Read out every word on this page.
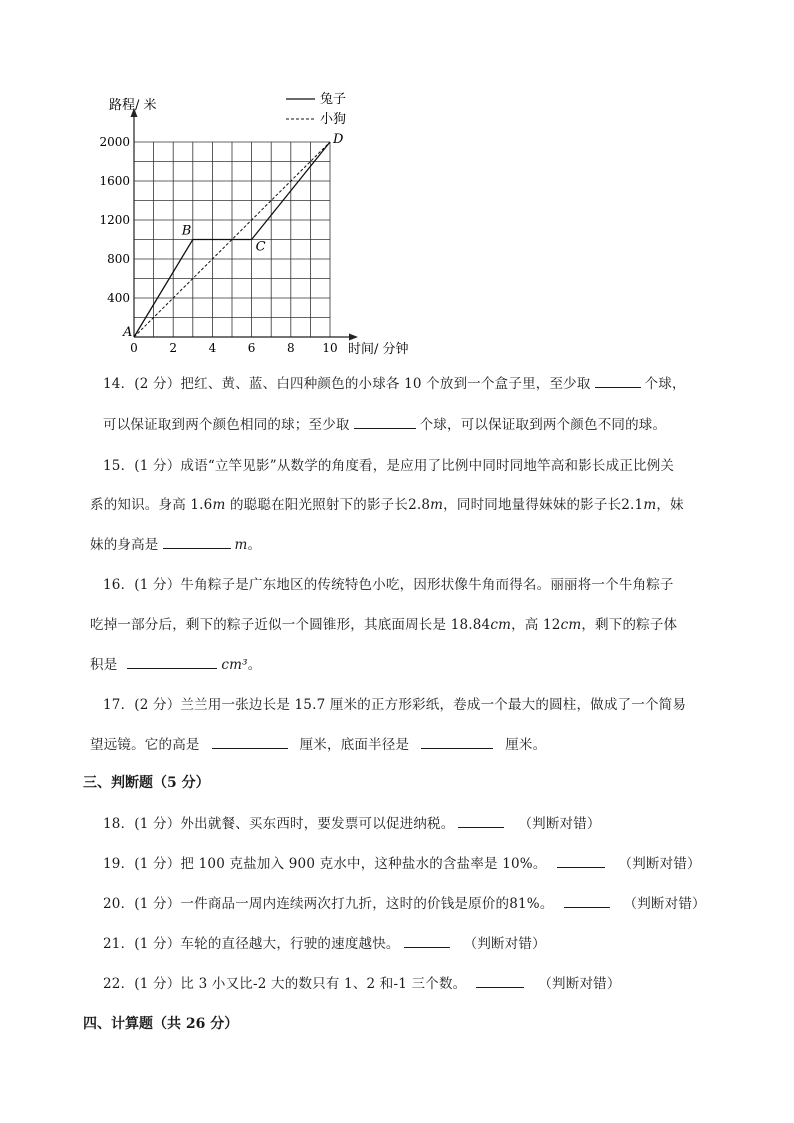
0	2	4	6	8 10
400
800
1200
1600
2000
路程/ 米
时间/ 分钟
兔子
小狗
A
B
C
D
14．(2 分）把红、黄、蓝、白四种颜色的小球各 10 个放到一个盒子里，至少取	个球，
可以保证取到两个颜色相同的球；至少取	个球，可以保证取到两个颜色不同的球。
15．(1 分）成语“立竿见影”从数学的角度看，是应用了比例中同时同地竿高和影长成正比例关
系的知识。身高 1.6m 的聪聪在阳光照射下的影子长2.8m，同时同地量得妹妹的影子长2.1m，妹
妹的身高是	m。
16．(1 分）牛角粽子是广东地区的传统特色小吃，因形状像牛角而得名。丽丽将一个牛角粽子
吃掉一部分后，剩下的粽子近似一个圆锥形，其底面周长是 18.84cm，高 12cm，剩下的粽子体
积是	cm³。
17．(2 分）兰兰用一张边长是 15.7 厘米的正方形彩纸，卷成一个最大的圆柱，做成了一个简易
望远镜。它的高是	厘米，底面半径是	厘米。
三、判断题（5 分）
18．(1 分）外出就餐、买东西时，要发票可以促进纳税。	（判断对错）
19．(1 分）把 100 克盐加入 900 克水中，这种盐水的含盐率是 10%。	（判断对错）
20．(1 分）一件商品一周内连续两次打九折，这时的价钱是原价的81%。	（判断对错）
21．(1 分）车轮的直径越大，行驶的速度越快。	（判断对错）
22．(1 分）比 3 小又比-2 大的数只有 1、2 和-1 三个数。	（判断对错）
四、计算题（共 26 分）
